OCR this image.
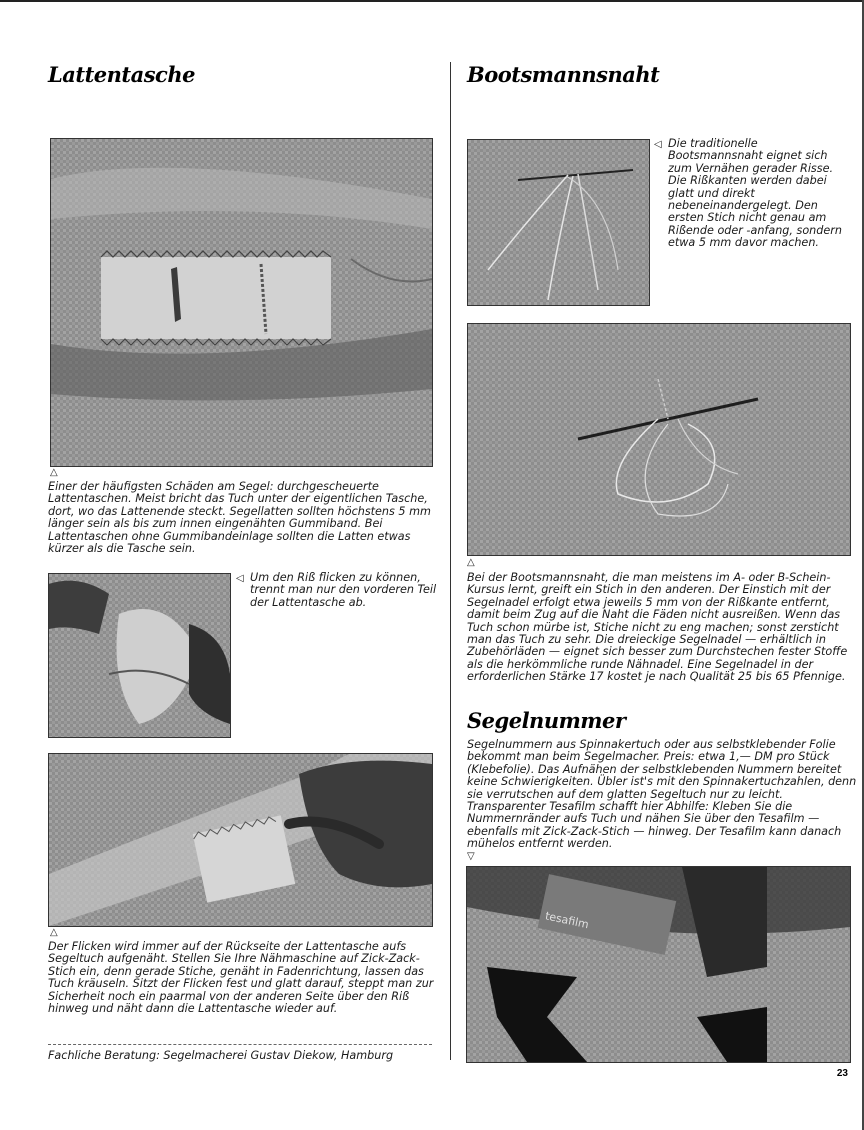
Lattentasche
△

Einer der häufigsten Schäden am Segel: durchgescheuerte Lattentaschen. Meist bricht das Tuch unter der eigentlichen Tasche, dort, wo das Lattenende steckt. Segellatten sollten höchstens 5 mm länger sein als bis zum innen eingenähten Gummiband. Bei Lattentaschen ohne Gummibandeinlage sollten die Latten etwas kürzer als die Tasche sein.

◁ Um den Riß flicken zu können, trennt man nur den vorderen Teil der Lattentasche ab.

△

Der Flicken wird immer auf der Rückseite der Lattentasche aufs Segeltuch aufgenäht. Stellen Sie Ihre Nähmaschine auf Zick-Zack-Stich ein, denn gerade Stiche, genäht in Fadenrichtung, lassen das Tuch kräuseln. Sitzt der Flicken fest und glatt darauf, steppt man zur Sicherheit noch ein paarmal von der anderen Seite über den Riß hinweg und näht dann die Lattentasche wieder auf.

Fachliche Beratung: Segelmacherei Gustav Diekow, Hamburg

Bootsmannsnaht
◁ Die traditionelle Bootsmannsnaht eignet sich zum Vernähen gerader Risse. Die Rißkanten werden dabei glatt und direkt nebeneinandergelegt. Den ersten Stich nicht genau am Rißende oder -anfang, sondern etwa 5 mm davor machen.

△

Bei der Bootsmannsnaht, die man meistens im A- oder B-Schein-Kursus lernt, greift ein Stich in den anderen. Der Einstich mit der Segelnadel erfolgt etwa jeweils 5 mm von der Rißkante entfernt, damit beim Zug auf die Naht die Fäden nicht ausreißen. Wenn das Tuch schon mürbe ist, Stiche nicht zu eng machen; sonst zersticht man das Tuch zu sehr. Die dreieckige Segelnadel — erhältlich in Zubehörläden — eignet sich besser zum Durchstechen fester Stoffe als die herkömmliche runde Nähnadel. Eine Segelnadel in der erforderlichen Stärke 17 kostet je nach Qualität 25 bis 65 Pfennige.

Segelnummer

Segelnummern aus Spinnakertuch oder aus selbstklebender Folie bekommt man beim Segelmacher. Preis: etwa 1,— DM pro Stück (Klebefolie). Das Aufnähen der selbstklebenden Nummern bereitet keine Schwierigkeiten. Übler ist's mit den Spinnakertuchzahlen, denn sie verrutschen auf dem glatten Segeltuch nur zu leicht. Transparenter Tesafilm schafft hier Abhilfe: Kleben Sie die Nummernränder aufs Tuch und nähen Sie über den Tesafilm — ebenfalls mit Zick-Zack-Stich — hinweg. Der Tesafilm kann danach mühelos entfernt werden.

▽
tesafilm
23
